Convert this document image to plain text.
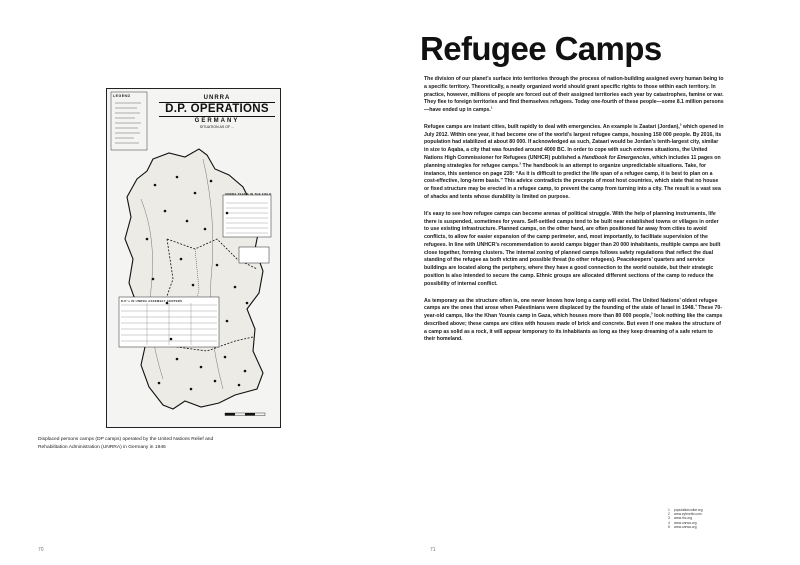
LEGEND	UNRRA
D.P. OPERATIONS
GERMANY
SITUATION AS OF ...
UNRRA TEAMS IN THE FIELD
D.P.'s IN UNRRA ASSEMBLY CENTERS
Displaced persons camps (DP camps) operated by the United Nations Relief and Rehabilitation Administration (UNRRA) in Germany in 1946
70
Refugee Camps

The division of our planet’s surface into territories through the process of nation-building assigned every human being to a specific territory. Theoretically, a neatly organized world should grant specific rights to those within each territory. In practice, however, millions of people are forced out of their assigned territories each year by catastrophes, famine or war. They flee to foreign territories and find themselves refugees. Today one-fourth of these people—some 8.1 million persons—have ended up in camps.$^1$

Refugee camps are instant cities, built rapidly to deal with emergencies. An example is Zaatari (Jordan),$^2$ which opened in July 2012. Within one year, it had become one of the world’s largest refugee camps, housing 150 000 people. By 2016, its population had stabilized at about 80 000. If acknowledged as such, Zataari would be Jordan’s tenth-largest city, similar in size to Aqaba, a city that was founded around 4000 BC. In order to cope with such extreme situations, the United Nations High Commissioner for Refugees (UNHCR) published a Handbook for Emergencies, which includes 11 pages on planning strategies for refugee camps.$^3$ The handbook is an attempt to organize unpredictable situations. Take, for instance, this sentence on page 239: “As it is difficult to predict the life span of a refugee camp, it is best to plan on a cost-effective, long-term basis.” This advice contradicts the precepts of most host countries, which state that no house or fixed structure may be erected in a refugee camp, to prevent the camp from turning into a city. The result is a vast sea of shacks and tents whose durability is limited on purpose.

It’s easy to see how refugee camps can become arenas of political struggle. With the help of planning instruments, life there is suspended, sometimes for years. Self-settled camps tend to be built near established towns or villages in order to use existing infrastructure. Planned camps, on the other hand, are often positioned far away from cities to avoid conflicts, to allow for easier expansion of the camp perimeter, and, most importantly, to facilitate supervision of the refugees. In line with UNHCR’s recommendation to avoid camps bigger than 20 000 inhabitants, multiple camps are built close together, forming clusters. The internal zoning of planned camps follows safety regulations that reflect the dual standing of the refugee as both victim and possible threat (to other refugees). Peacekeepers’ quarters and service buildings are located along the periphery, where they have a good connection to the world outside, but their strategic position is also intended to secure the camp. Ethnic groups are allocated different sections of the camp to reduce the possibility of internal conflict.

As temporary as the structure often is, one never knows how long a camp will exist. The United Nations’ oldest refugee camps are the ones that arose when Palestinians were displaced by the founding of the state of Israel in 1948.$^4$ These 70-year-old camps, like the Khan Younis camp in Gaza, which houses more than 80 000 people,$^5$ look nothing like the camps described above; these camps are cities with houses made of brick and concrete. But even if one makes the structure of a camp as solid as a rock, it will appear temporary to its inhabitants as long as they keep dreaming of a safe return to their homeland.

1 populationcollar.org
2 www.zyfrnetto.com
3 www.rhc.org
4 www.unrwa.org
5 www.unrwa.org
71
